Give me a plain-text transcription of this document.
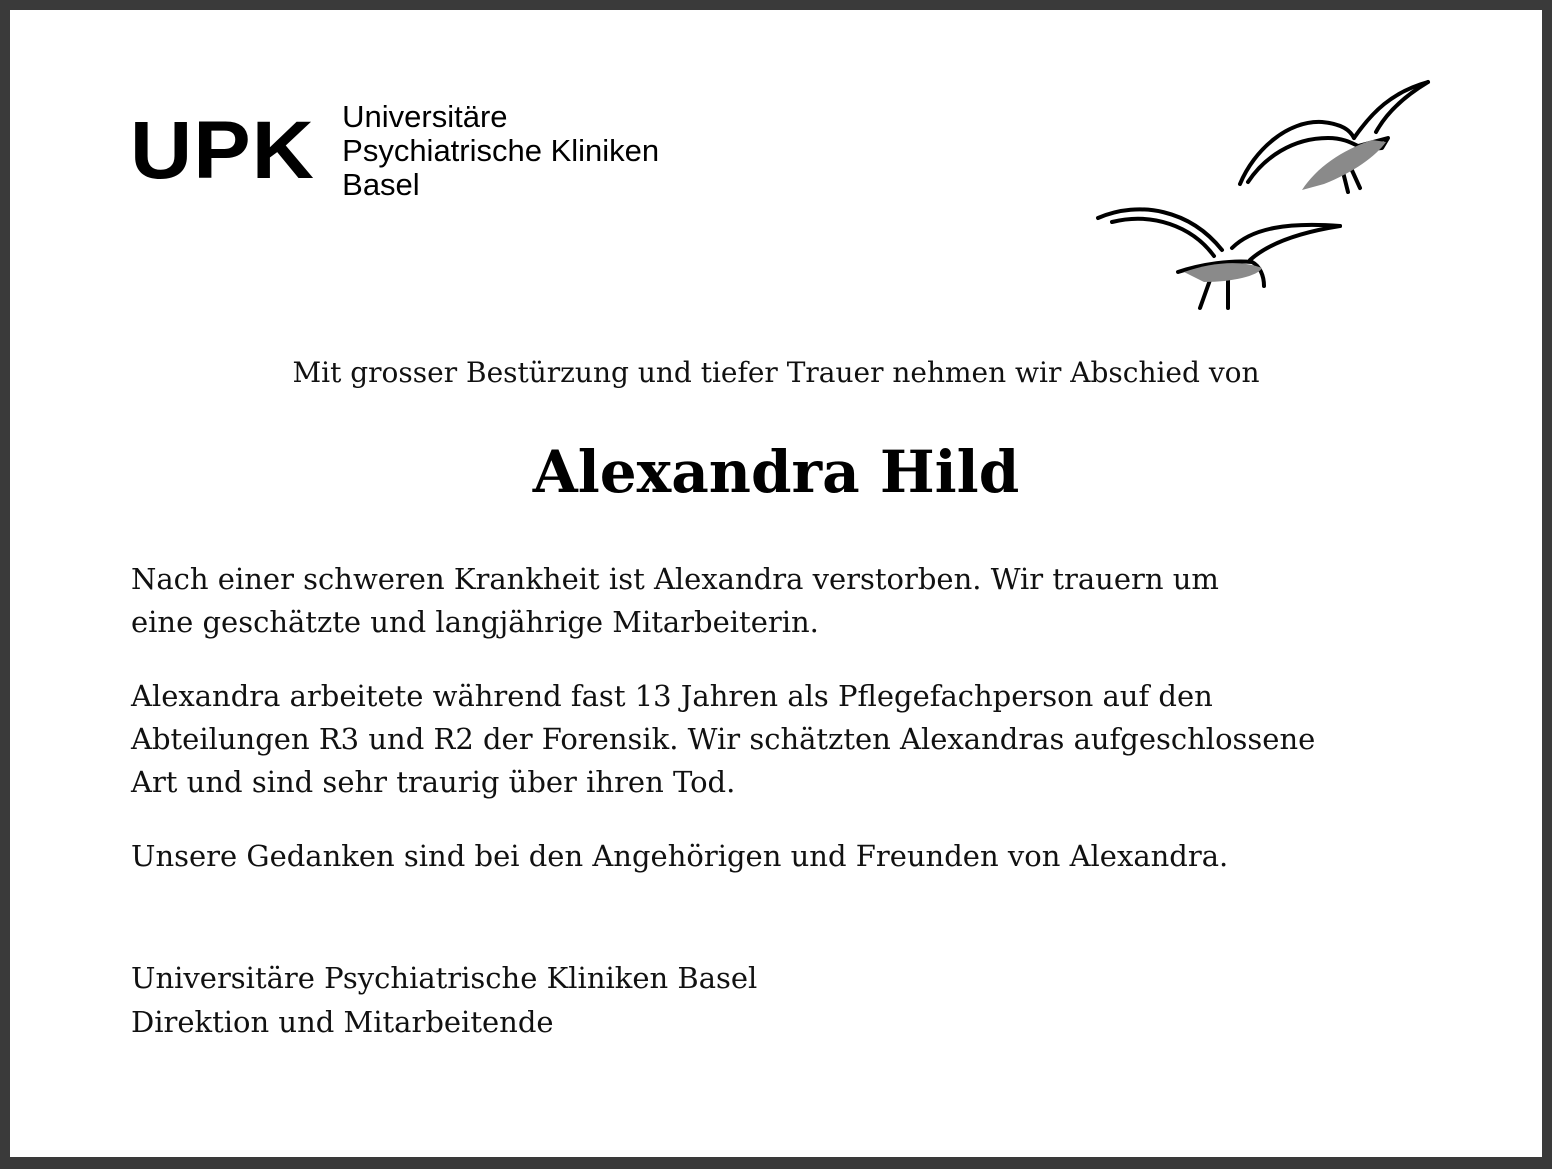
UPK Universitäre
Psychiatrische Kliniken
Basel
Mit grosser Bestürzung und tiefer Trauer nehmen wir Abschied von
Alexandra Hild

Nach einer schweren Krankheit ist Alexandra verstorben. Wir trauern um
eine geschätzte und langjährige Mitarbeiterin.

Alexandra arbeitete während fast 13 Jahren als Pflegefachperson auf den
Abteilungen R3 und R2 der Forensik. Wir schätzten Alexandras aufgeschlossene
Art und sind sehr traurig über ihren Tod.

Unsere Gedanken sind bei den Angehörigen und Freunden von Alexandra.

Universitäre Psychiatrische Kliniken Basel
Direktion und Mitarbeitende
